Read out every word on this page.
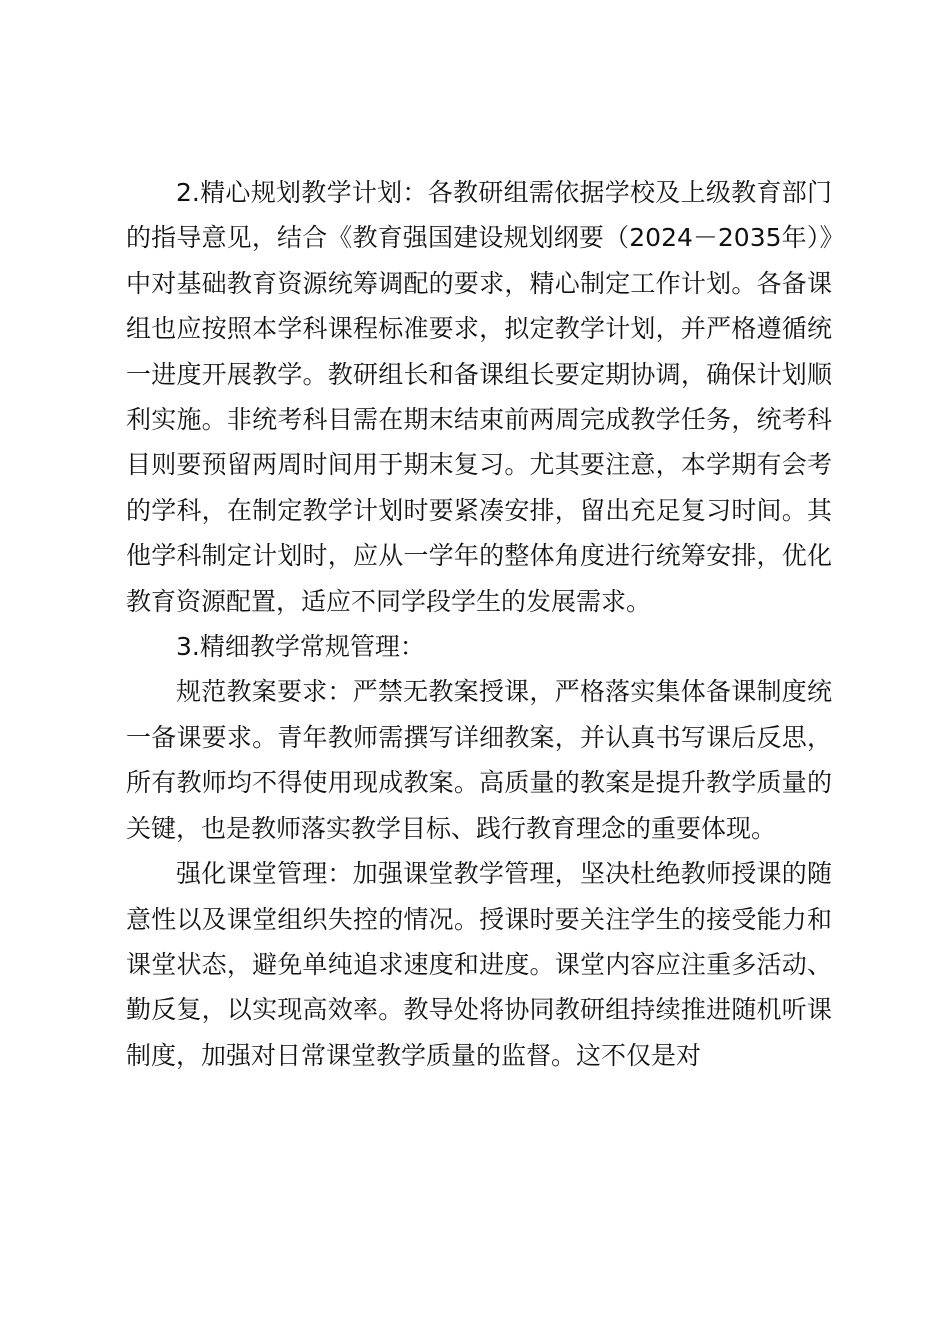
2.精心规划教学计划：各教研组需依据学校及上级教育部门的指导意见，结合《教育强国建设规划纲要（2024－2035年）》中对基础教育资源统筹调配的要求，精心制定工作计划。各备课组也应按照本学科课程标准要求，拟定教学计划，并严格遵循统一进度开展教学。教研组长和备课组长要定期协调，确保计划顺利实施。非统考科目需在期末结束前两周完成教学任务，统考科目则要预留两周时间用于期末复习。尤其要注意，本学期有会考的学科，在制定教学计划时要紧凑安排，留出充足复习时间。其他学科制定计划时，应从一学年的整体角度进行统筹安排，优化教育资源配置，适应不同学段学生的发展需求。

3.精细教学常规管理：

规范教案要求：严禁无教案授课，严格落实集体备课制度统一备课要求。青年教师需撰写详细教案，并认真书写课后反思，所有教师均不得使用现成教案。高质量的教案是提升教学质量的关键，也是教师落实教学目标、践行教育理念的重要体现。

强化课堂管理：加强课堂教学管理，坚决杜绝教师授课的随意性以及课堂组织失控的情况。授课时要关注学生的接受能力和课堂状态，避免单纯追求速度和进度。课堂内容应注重多活动、勤反复，以实现高效率。教导处将协同教研组持续推进随机听课制度，加强对日常课堂教学质量的监督。这不仅是对
